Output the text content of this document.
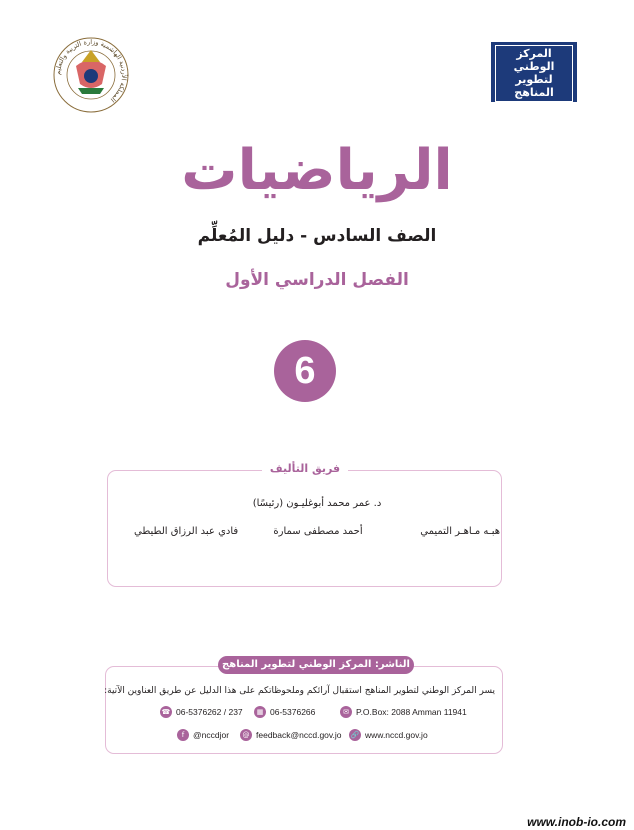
المملكة الأردنية الهاشمية وزارة التربية والتعليم
المركز الوطني لتطوير المناهج
National Center
for Curriculum Development
الرياضيات
الصف السادس - دليل المُعلِّم
الفصل الدراسي الأول
6
فريق التأليف
د. عمر محمد أبوغليـون (رئيسًا)
هبـه مـاهـر التميمي
أحمد مصطفى سمارة
فادي عبد الرزاق الطيطي
الناشر: المركز الوطني لتطوير المناهج
يسر المركز الوطني لتطوير المناهج استقبال آرائكم وملحوظاتكم على هذا الدليل عن طريق العناوين الآتية:
☎ 06-5376262 / 237	▦ 06-5376266	✉ P.O.Box: 2088 Amman 11941
f	@nccdjor	@ feedback@nccd.gov.jo 🔗 www.nccd.gov.jo
www.inob-io.com
